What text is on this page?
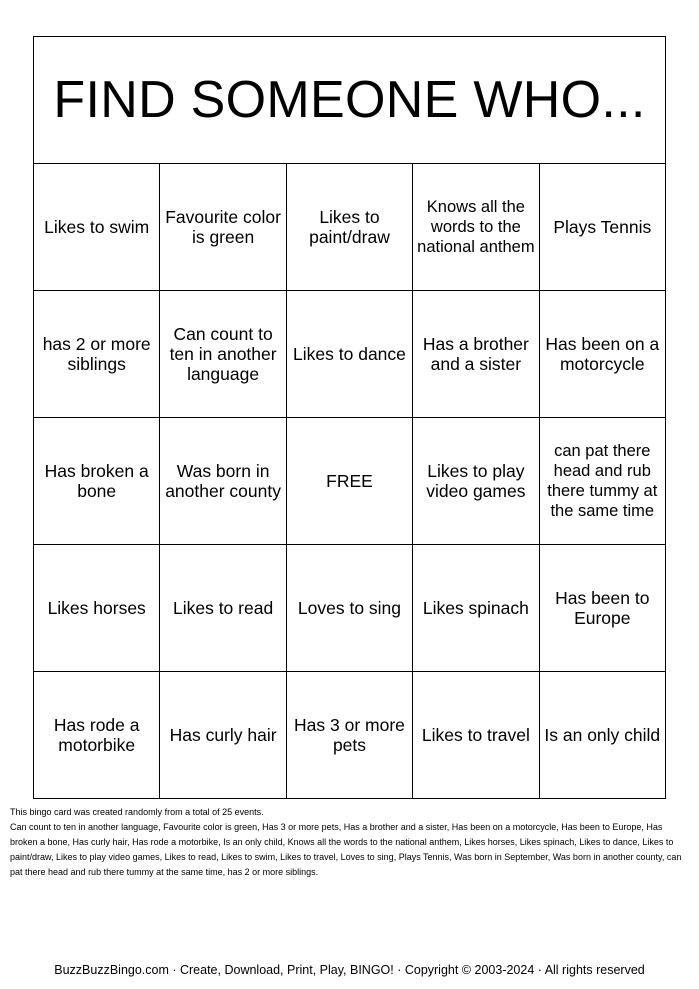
FIND SOMEONE WHO...				
Likes to swim	Favourite color is green	Likes to paint/draw	Knows all the words to the national anthem	Plays Tennis
has 2 or more siblings	Can count to ten in another language	Likes to dance	Has a brother and a sister	Has been on a motorcycle
Has broken a bone	Was born in another county	FREE	Likes to play video games	can pat there head and rub there tummy at the same time
Likes horses	Likes to read	Loves to sing	Likes spinach	Has been to Europe
Has rode a motorbike	Has curly hair	Has 3 or more pets	Likes to travel	Is an only child

This bingo card was created randomly from a total of 25 events.

Can count to ten in another language, Favourite color is green, Has 3 or more pets, Has a brother and a sister, Has been on a motorcycle, Has been to Europe, Has broken a bone, Has curly hair, Has rode a motorbike, Is an only child, Knows all the words to the national anthem, Likes horses, Likes spinach, Likes to dance, Likes to paint/draw, Likes to play video games, Likes to read, Likes to swim, Likes to travel, Loves to sing, Plays Tennis, Was born in September, Was born in another county, can pat there head and rub there tummy at the same time, has 2 or more siblings.

BuzzBuzzBingo.com · Create, Download, Print, Play, BINGO! · Copyright © 2003-2024 · All rights reserved
